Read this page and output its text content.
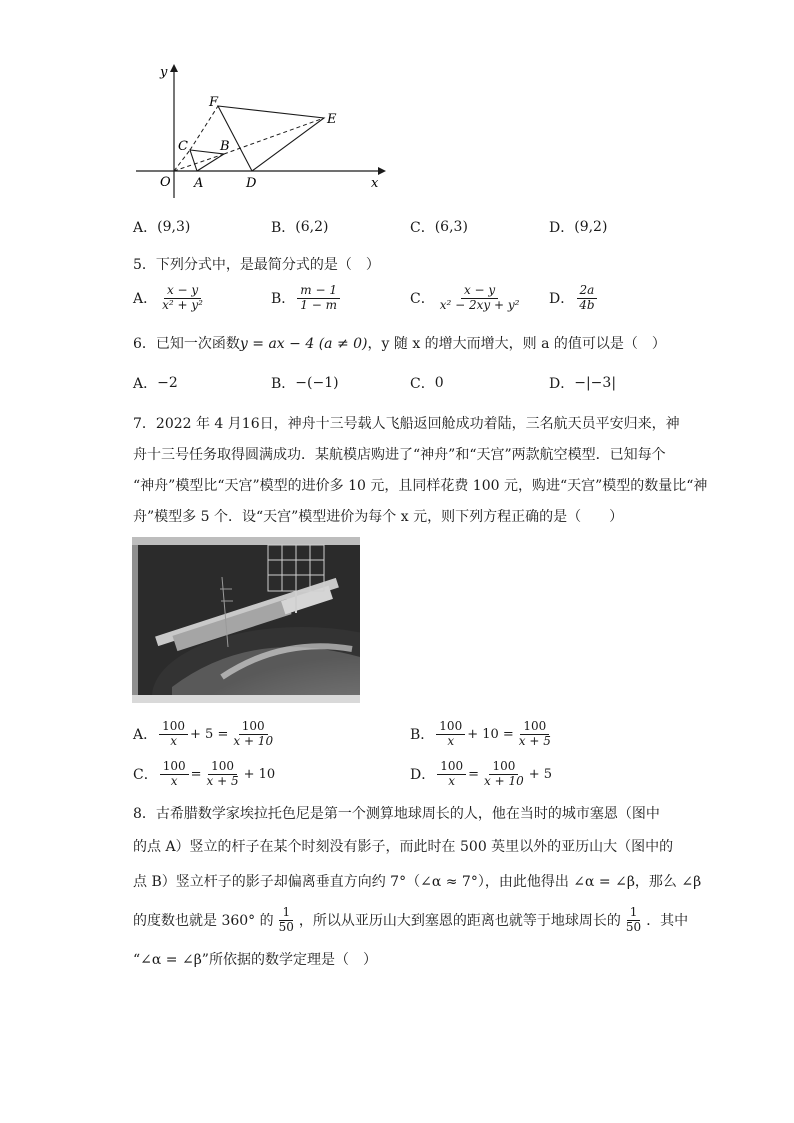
y
x
O A
B
C
D
E
F
A． (9,3)	B． (6,2)	C． (6,3)	D． (9,2)
5．下列分式中，是最简分式的是（　）
A． $\frac{x - y}{\text{x² + y²}}$	B． $\frac{m - 1}{1 - m}$	C． $\frac{x - y}{\text{x² − 2xy + y²}}$ D． $\frac{2a}{4b}$
6．已知一次函数y = ax − 4 (a ≠ 0)，y 随 x 的增大而增大，则 a 的值可以是（　）
A． −2	B． −(−1)	C． 0	D． −|−3|
7．2022 年 4 月16日，神舟十三号载人飞船返回舱成功着陆，三名航天员平安归来，神
舟十三号任务取得圆满成功．某航模店购进了“神舟”和“天宫”两款航空模型．已知每个
“神舟”模型比“天宫”模型的进价多 10 元，且同样花费 100 元，购进“天宫”模型的数量比“神
舟”模型多 5 个．设“天宫”模型进价为每个 x 元，则下列方程正确的是（　　）
A． $\frac{100}{x} + 5 = \frac{100}{x + 10}$	B． $\frac{100}{x} + 10 = \frac{100}{x + 5}$
C． $\frac{100}{x} = \frac{100}{x + 5} + 10$	D． $\frac{100}{x} = \frac{100}{x + 10} + 5$
8．古希腊数学家埃拉托色尼是第一个测算地球周长的人，他在当时的城市塞恩（图中
的点 A）竖立的杆子在某个时刻没有影子，而此时在 500 英里以外的亚历山大（图中的
点 B）竖立杆子的影子却偏离垂直方向约 7°（∠α ≈ 7°），由此他得出 ∠α = ∠β，那么 ∠β
的度数也就是 360° 的 $\frac{1}{50}$ ，所以从亚历山大到塞恩的距离也就等于地球周长的 $\frac{1}{50}$ ．其中
“∠α = ∠β”所依据的数学定理是（　）
